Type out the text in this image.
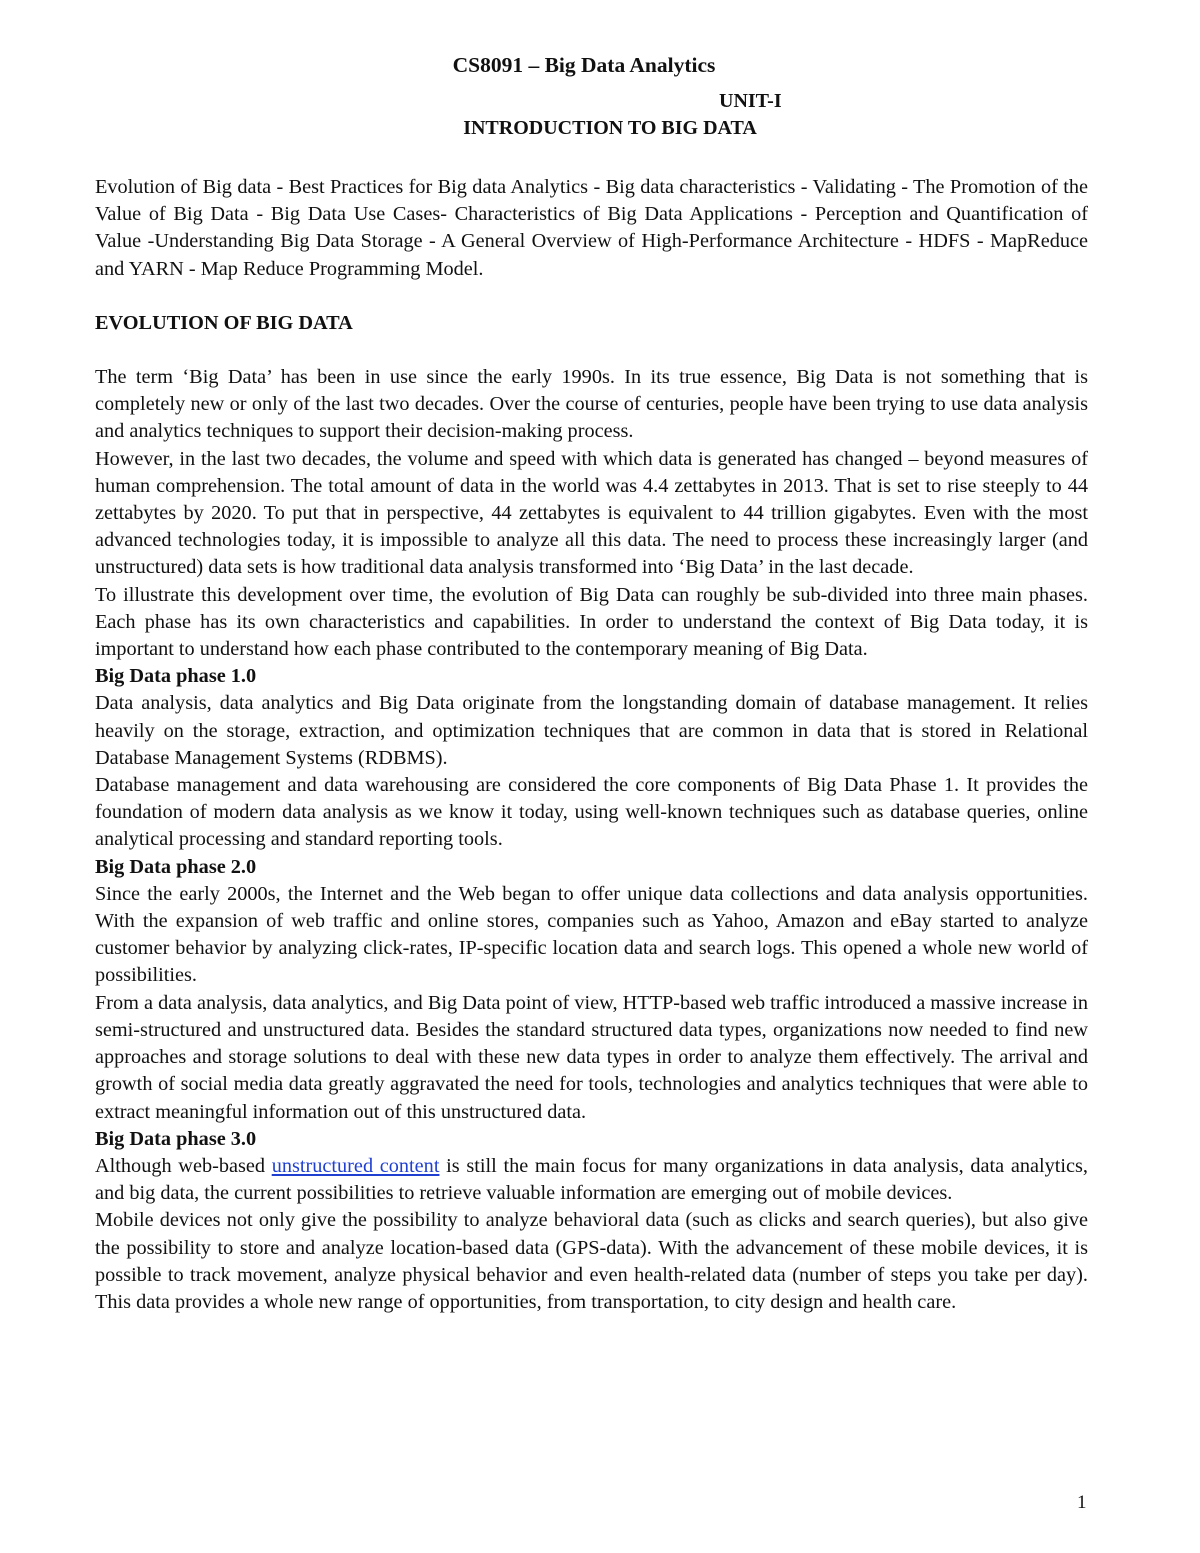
CS8091 – Big Data Analytics
UNIT-I
INTRODUCTION TO BIG DATA

Evolution of Big data - Best Practices for Big data Analytics - Big data characteristics - Validating - The Promotion of the Value of Big Data - Big Data Use Cases- Characteristics of Big Data Applications - Perception and Quantification of Value -Understanding Big Data Storage - A General Overview of High-Performance Architecture - HDFS - MapReduce and YARN - Map Reduce Programming Model.

EVOLUTION OF BIG DATA

The term ‘Big Data’ has been in use since the early 1990s. In its true essence, Big Data is not something that is completely new or only of the last two decades. Over the course of centuries, people have been trying to use data analysis and analytics techniques to support their decision-making process.

However, in the last two decades, the volume and speed with which data is generated has changed – beyond measures of human comprehension. The total amount of data in the world was 4.4 zettabytes in 2013. That is set to rise steeply to 44 zettabytes by 2020. To put that in perspective, 44 zettabytes is equivalent to 44 trillion gigabytes. Even with the most advanced technologies today, it is impossible to analyze all this data. The need to process these increasingly larger (and unstructured) data sets is how traditional data analysis transformed into ‘Big Data’ in the last decade.

To illustrate this development over time, the evolution of Big Data can roughly be sub-divided into three main phases. Each phase has its own characteristics and capabilities. In order to understand the context of Big Data today, it is important to understand how each phase contributed to the contemporary meaning of Big Data.

Big Data phase 1.0

Data analysis, data analytics and Big Data originate from the longstanding domain of database management. It relies heavily on the storage, extraction, and optimization techniques that are common in data that is stored in Relational Database Management Systems (RDBMS).

Database management and data warehousing are considered the core components of Big Data Phase 1. It provides the foundation of modern data analysis as we know it today, using well-known techniques such as database queries, online analytical processing and standard reporting tools.

Big Data phase 2.0

Since the early 2000s, the Internet and the Web began to offer unique data collections and data analysis opportunities. With the expansion of web traffic and online stores, companies such as Yahoo, Amazon and eBay started to analyze customer behavior by analyzing click-rates, IP-specific location data and search logs. This opened a whole new world of possibilities.

From a data analysis, data analytics, and Big Data point of view, HTTP-based web traffic introduced a massive increase in semi-structured and unstructured data. Besides the standard structured data types, organizations now needed to find new approaches and storage solutions to deal with these new data types in order to analyze them effectively. The arrival and growth of social media data greatly aggravated the need for tools, technologies and analytics techniques that were able to extract meaningful information out of this unstructured data.

Big Data phase 3.0

Although web-based unstructured content is still the main focus for many organizations in data analysis, data analytics, and big data, the current possibilities to retrieve valuable information are emerging out of mobile devices.

Mobile devices not only give the possibility to analyze behavioral data (such as clicks and search queries), but also give the possibility to store and analyze location-based data (GPS-data). With the advancement of these mobile devices, it is possible to track movement, analyze physical behavior and even health-related data (number of steps you take per day). This data provides a whole new range of opportunities, from transportation, to city design and health care.

1
